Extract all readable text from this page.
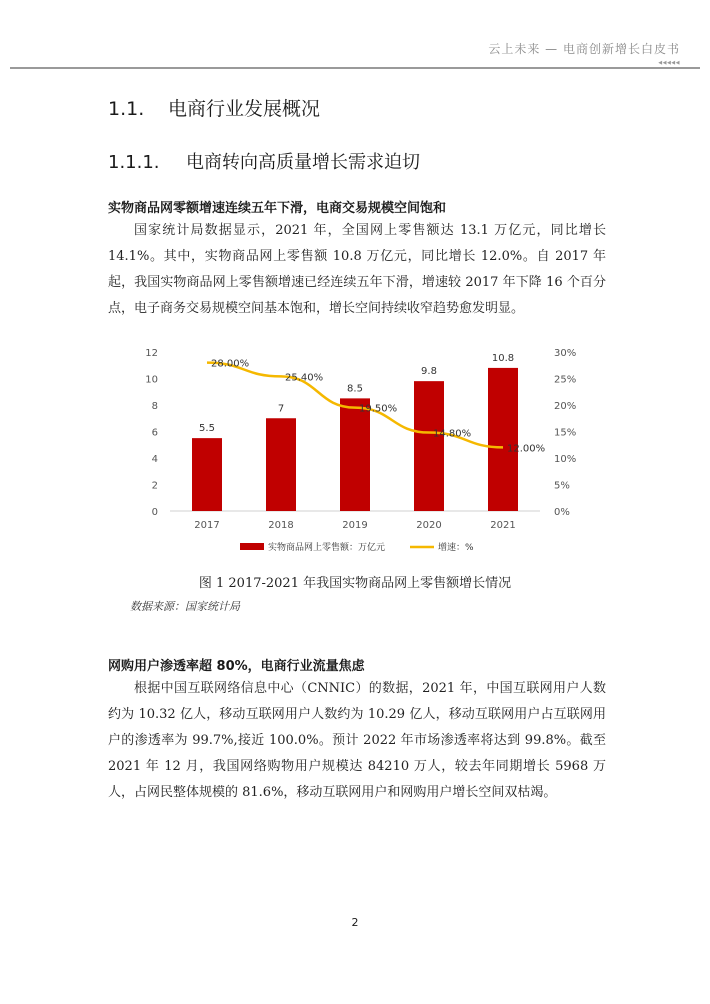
云上未来 — 电商创新增长白皮书
◀◀◀◀◀
1.1. 电商行业发展概况
1.1.1. 电商转向高质量增长需求迫切
实物商品网零额增速连续五年下滑，电商交易规模空间饱和
国家统计局数据显示，2021 年，全国网上零售额达 13.1 万亿元，同比增长 14.1%。其中，实物商品网上零售额 10.8 万亿元，同比增长 12.0%。自 2017 年起，我国实物商品网上零售额增速已经连续五年下滑，增速较 2017 年下降 16 个百分点，电子商务交易规模空间基本饱和，增长空间持续收窄趋势愈发明显。
0
2
4
6
8
10
12
0%
5%
10%
15%
20%
25%
30%
5.5
2017
7
2018
8.5
2019
9.8
2020
10.8
2021
28.00%
25.40%
19.50%
14.80%
12.00%
实物商品网上零售额：万亿元	增速：%
图 1 2017-2021 年我国实物商品网上零售额增长情况
数据来源：国家统计局
网购用户渗透率超 80%，电商行业流量焦虑
根据中国互联网络信息中心（CNNIC）的数据，2021 年，中国互联网用户人数约为 10.32 亿人，移动互联网用户人数约为 10.29 亿人，移动互联网用户占互联网用户的渗透率为 99.7%,接近 100.0%。预计 2022 年市场渗透率将达到 99.8%。截至 2021 年 12 月，我国网络购物用户规模达 84210 万人，较去年同期增长 5968 万人，占网民整体规模的 81.6%，移动互联网用户和网购用户增长空间双枯竭。
2
